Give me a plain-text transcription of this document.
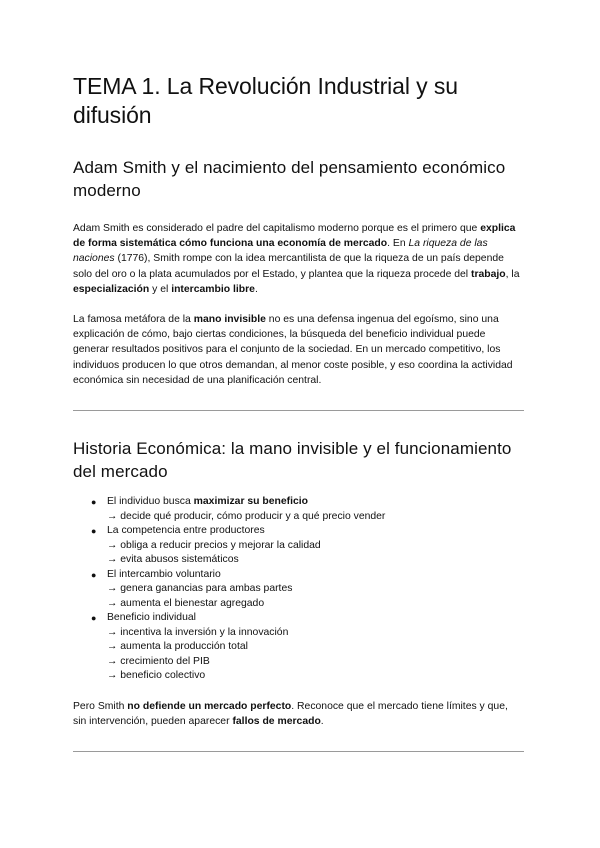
TEMA 1. La Revolución Industrial y su difusión
Adam Smith y el nacimiento del pensamiento económico moderno

Adam Smith es considerado el padre del capitalismo moderno porque es el primero que explica de forma sistemática cómo funciona una economía de mercado. En La riqueza de las naciones (1776), Smith rompe con la idea mercantilista de que la riqueza de un país depende solo del oro o la plata acumulados por el Estado, y plantea que la riqueza procede del trabajo, la especialización y el intercambio libre.

La famosa metáfora de la mano invisible no es una defensa ingenua del egoísmo, sino una explicación de cómo, bajo ciertas condiciones, la búsqueda del beneficio individual puede generar resultados positivos para el conjunto de la sociedad. En un mercado competitivo, los individuos producen lo que otros demandan, al menor coste posible, y eso coordina la actividad económica sin necesidad de una planificación central.

Historia Económica: la mano invisible y el funcionamiento del mercado
● El individuo busca maximizar su beneficio
→ decide qué producir, cómo producir y a qué precio vender
● La competencia entre productores
→ obliga a reducir precios y mejorar la calidad
→ evita abusos sistemáticos
● El intercambio voluntario
→ genera ganancias para ambas partes
→ aumenta el bienestar agregado
● Beneficio individual
→ incentiva la inversión y la innovación
→ aumenta la producción total
→ crecimiento del PIB
→ beneficio colectivo

Pero Smith no defiende un mercado perfecto. Reconoce que el mercado tiene límites y que, sin intervención, pueden aparecer fallos de mercado.
